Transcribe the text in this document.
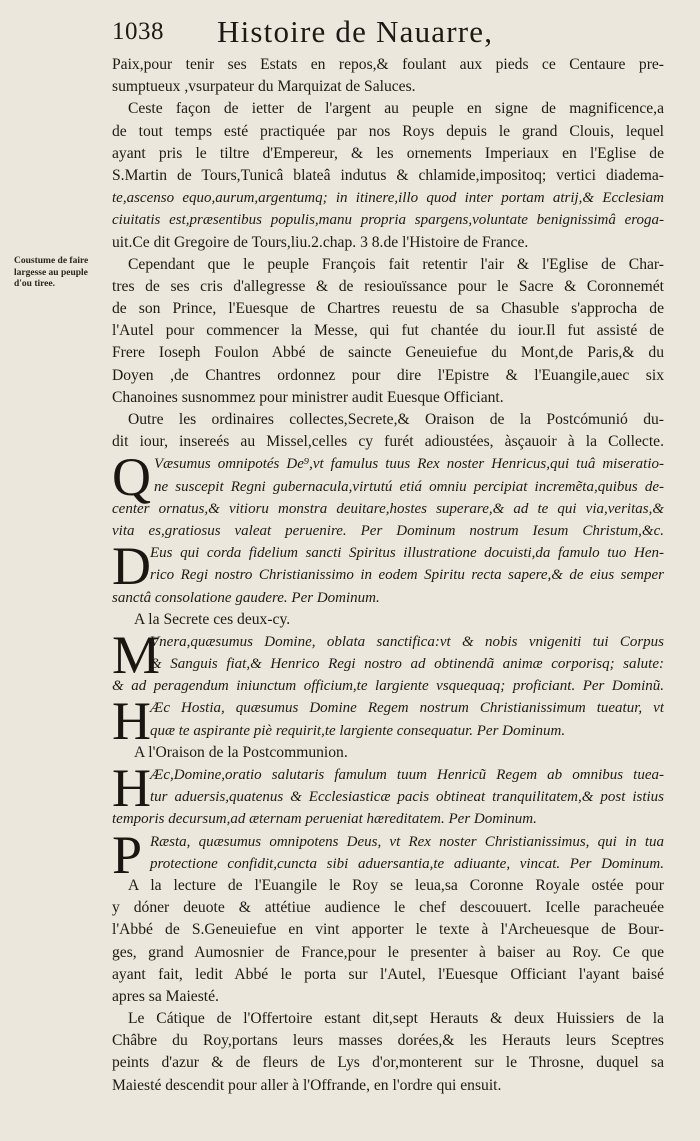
1038 Histoire de Nauarre,
Coustume de faire
largesse au peuple
d'ou tiree.
Paix,pour tenir ses Estats en repos,& foulant aux pieds ce Centaure pre-
sumptueux ,vsurpateur du Marquizat de Saluces.
Ceste façon de ietter de l'argent au peuple en signe de magnificence,a
de tout temps esté practiquée par nos Roys depuis le grand Clouis, lequel
ayant pris le tiltre d'Empereur, & les ornements Imperiaux en l'Eglise de
S.Martin de Tours,Tunicâ blateâ indutus & chlamide,impositoq; vertici diadema-
te,ascenso equo,aurum,argentumq; in itinere,illo quod inter portam atrij,& Ecclesiam
ciuitatis est,præsentibus populis,manu propria spargens,voluntate benignissimâ eroga-
uit.Ce dit Gregoire de Tours,liu.2.chap. 3 8.de l'Histoire de France.
Cependant que le peuple François fait retentir l'air & l'Eglise de Char-
tres de ses cris d'allegresse & de resiouïssance pour le Sacre & Coronnemét
de son Prince, l'Euesque de Chartres reuestu de sa Chasuble s'approcha de
l'Autel pour commencer la Messe, qui fut chantée du iour.Il fut assisté de
Frere Ioseph Foulon Abbé de saincte Geneuiefue du Mont,de Paris,& du
Doyen ,de Chantres ordonnez pour dire l'Epistre & l'Euangile,auec six
Chanoines susnommez pour ministrer audit Euesque Officiant.
Outre les ordinaires collectes,Secrete,& Oraison de la Postcómunió du-
dit iour, insereés au Missel,celles cy furét adioustées, àsçauoir à la Collecte.
Q Væsumus omnipotés De⁹,vt famulus tuus Rex noster Henricus,qui tuâ miseratio-
ne suscepit Regni gubernacula,virtutú etiá omniu percipiat incremẽta,quibus de-
center ornatus,& vitioru monstra deuitare,hostes superare,& ad te qui via,veritas,&
vita es,gratiosus valeat peruenire. Per Dominum nostrum Iesum Christum,&c.
D Eus qui corda fidelium sancti Spiritus illustratione docuisti,da famulo tuo Hen-
rico Regi nostro Christianissimo in eodem Spiritu recta sapere,& de eius semper
sanctâ consolatione gaudere. Per Dominum.
A la Secrete ces deux-cy.
M
Vnera,quæsumus Domine, oblata sanctifica:vt & nobis vnigeniti tui Corpus
& Sanguis fiat,& Henrico Regi nostro ad obtinendã animæ corporisq; salute:
& ad peragendum iniunctum officium,te largiente vsquequaq; proficiant. Per Dominũ.
H Æc Hostia, quæsumus Domine Regem nostrum Christianissimum tueatur, vt
quæ te aspirante piè requirit,te largiente consequatur. Per Dominum.
A l'Oraison de la Postcommunion.
H Æc,Domine,oratio salutaris famulum tuum Henricũ Regem ab omnibus tuea-
tur aduersis,quatenus & Ecclesiasticæ pacis obtineat tranquilitatem,& post istius
temporis decursum,ad æternam perueniat hæreditatem. Per Dominum.
P Ræsta, quæsumus omnipotens Deus, vt Rex noster Christianissimus, qui in tua
protectione confidit,cuncta sibi aduersantia,te adiuante, vincat. Per Dominum.
A la lecture de l'Euangile le Roy se leua,sa Coronne Royale ostée pour
y dóner deuote & attétiue audience le chef descouuert. Icelle paracheuée
l'Abbé de S.Geneuiefue en vint apporter le texte à l'Archeuesque de Bour-
ges, grand Aumosnier de France,pour le presenter à baiser au Roy. Ce que
ayant fait, ledit Abbé le porta sur l'Autel, l'Euesque Officiant l'ayant baisé
apres sa Maiesté.
Le Cátique de l'Offertoire estant dit,sept Herauts & deux Huissiers de la
Châbre du Roy,portans leurs masses dorées,& les Herauts leurs Sceptres
peints d'azur & de fleurs de Lys d'or,monterent sur le Throsne, duquel sa
Maiesté descendit pour aller à l'Offrande, en l'ordre qui ensuit.
